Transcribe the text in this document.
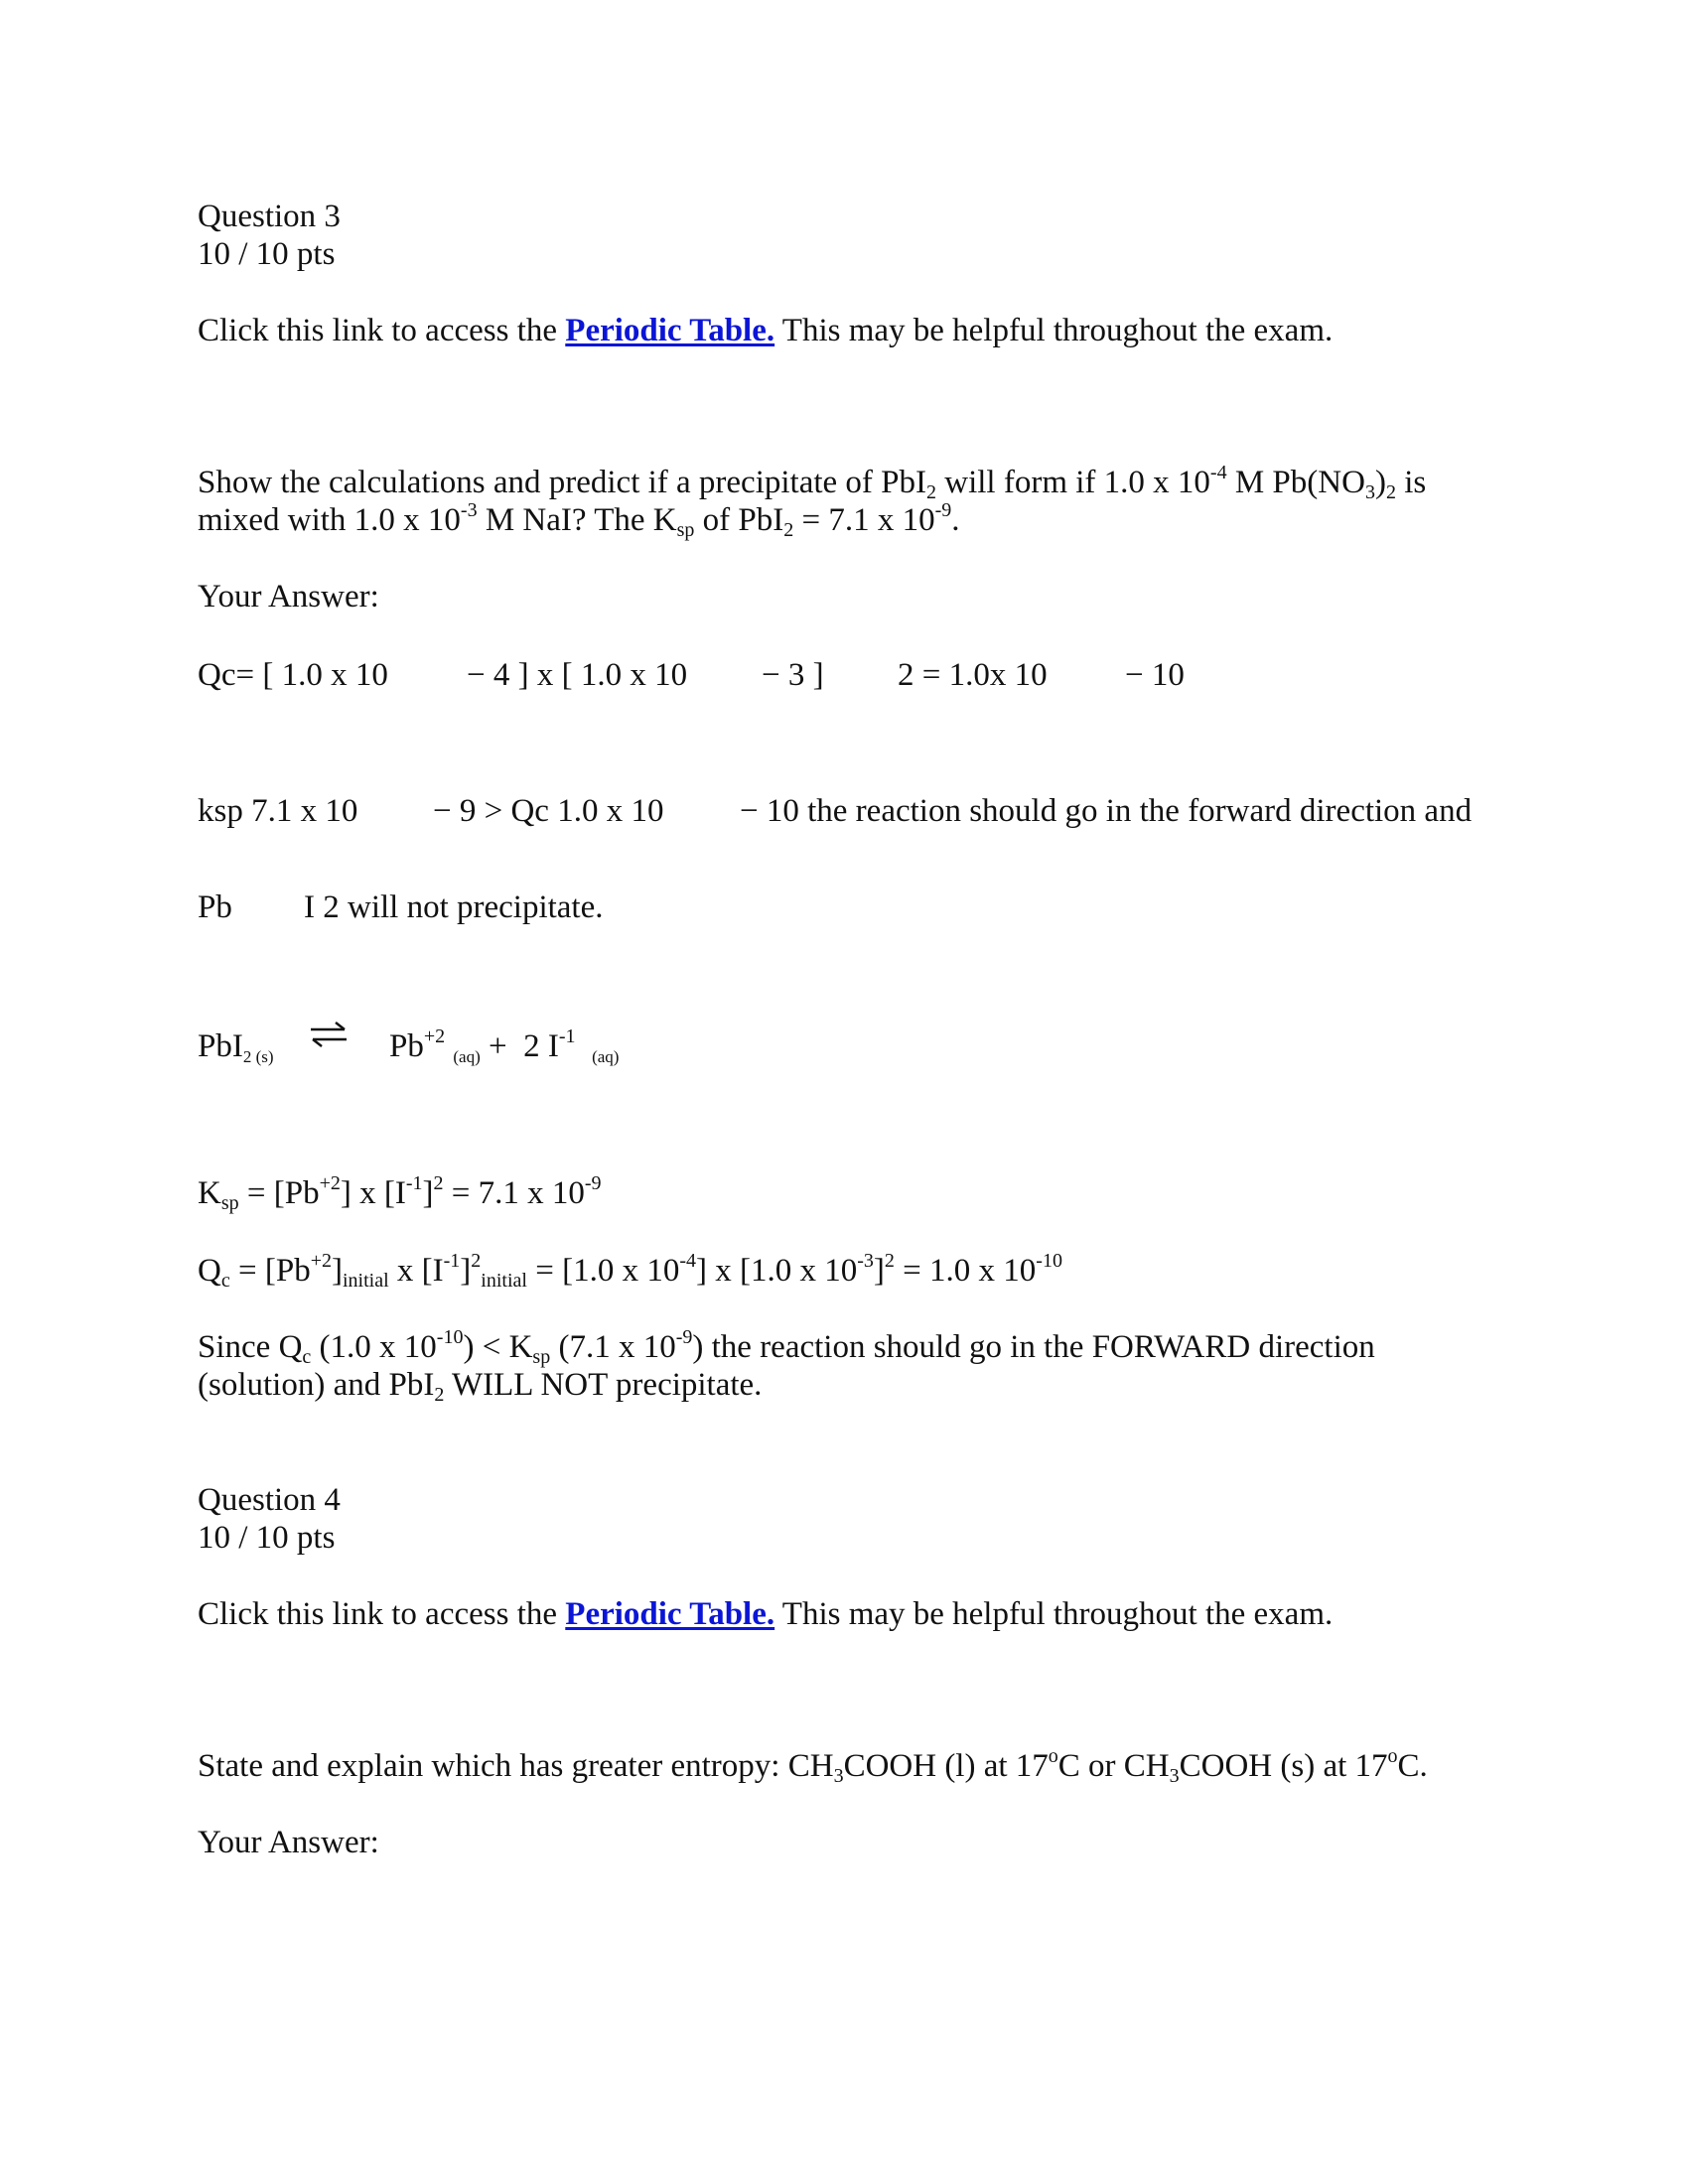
Question 3
10 / 10 pts
Click this link to access the Periodic Table. This may be helpful throughout the exam.
Show the calculations and predict if a precipitate of PbI$_2$ will form if 1.0 x $10^{-4}$ M $Pb(NO_3)_2$ is
mixed with 1.0 x $10^{-3}$ M NaI? The $K_{sp}$ of PbI$_2$ = 7.1 x $10^{-9}$.
Your Answer:
Qc= [ 1.0 x 10 − 4 ] x [ 1.0 x 10 − 3 ] 2 = 1.0x 10 − 10
ksp 7.1 x 10 − 9 > Qc 1.0 x 10 − 10 the reaction should go in the forward direction and
Pb I 2 will not precipitate.
PbI$_{2 (s)}$ ⇌ $Pb^{+2}$ $_{(aq)}$ + 2 $I^{-1}$  $_{(aq)}$
$K_{sp} = [Pb^{+2}]$ x $[I^{-1}]^2 = 7.1$ x $10^{-9}$
$Q_c = [Pb^{+2}]_{initial}$ x $[I^{-1}]^2_{initial} = [1.0$ x $10^{-4}$] x [1.0 x $10^{-3}]^2 = 1.0$ x $10^{-10}$
Since $Q_c$ (1.0 x $10^{-10}) < K_{sp}$ (7.1 x $10^{-9}$) the reaction should go in the FORWARD direction
(solution) and PbI$_2$ WILL NOT precipitate.
Question 4
10 / 10 pts
Click this link to access the Periodic Table. This may be helpful throughout the exam.
State and explain which has greater entropy: $CH_3COOH$ (l) at 17$^o$C or $CH_3COOH$ (s) at 17$^o$C.
Your Answer:
